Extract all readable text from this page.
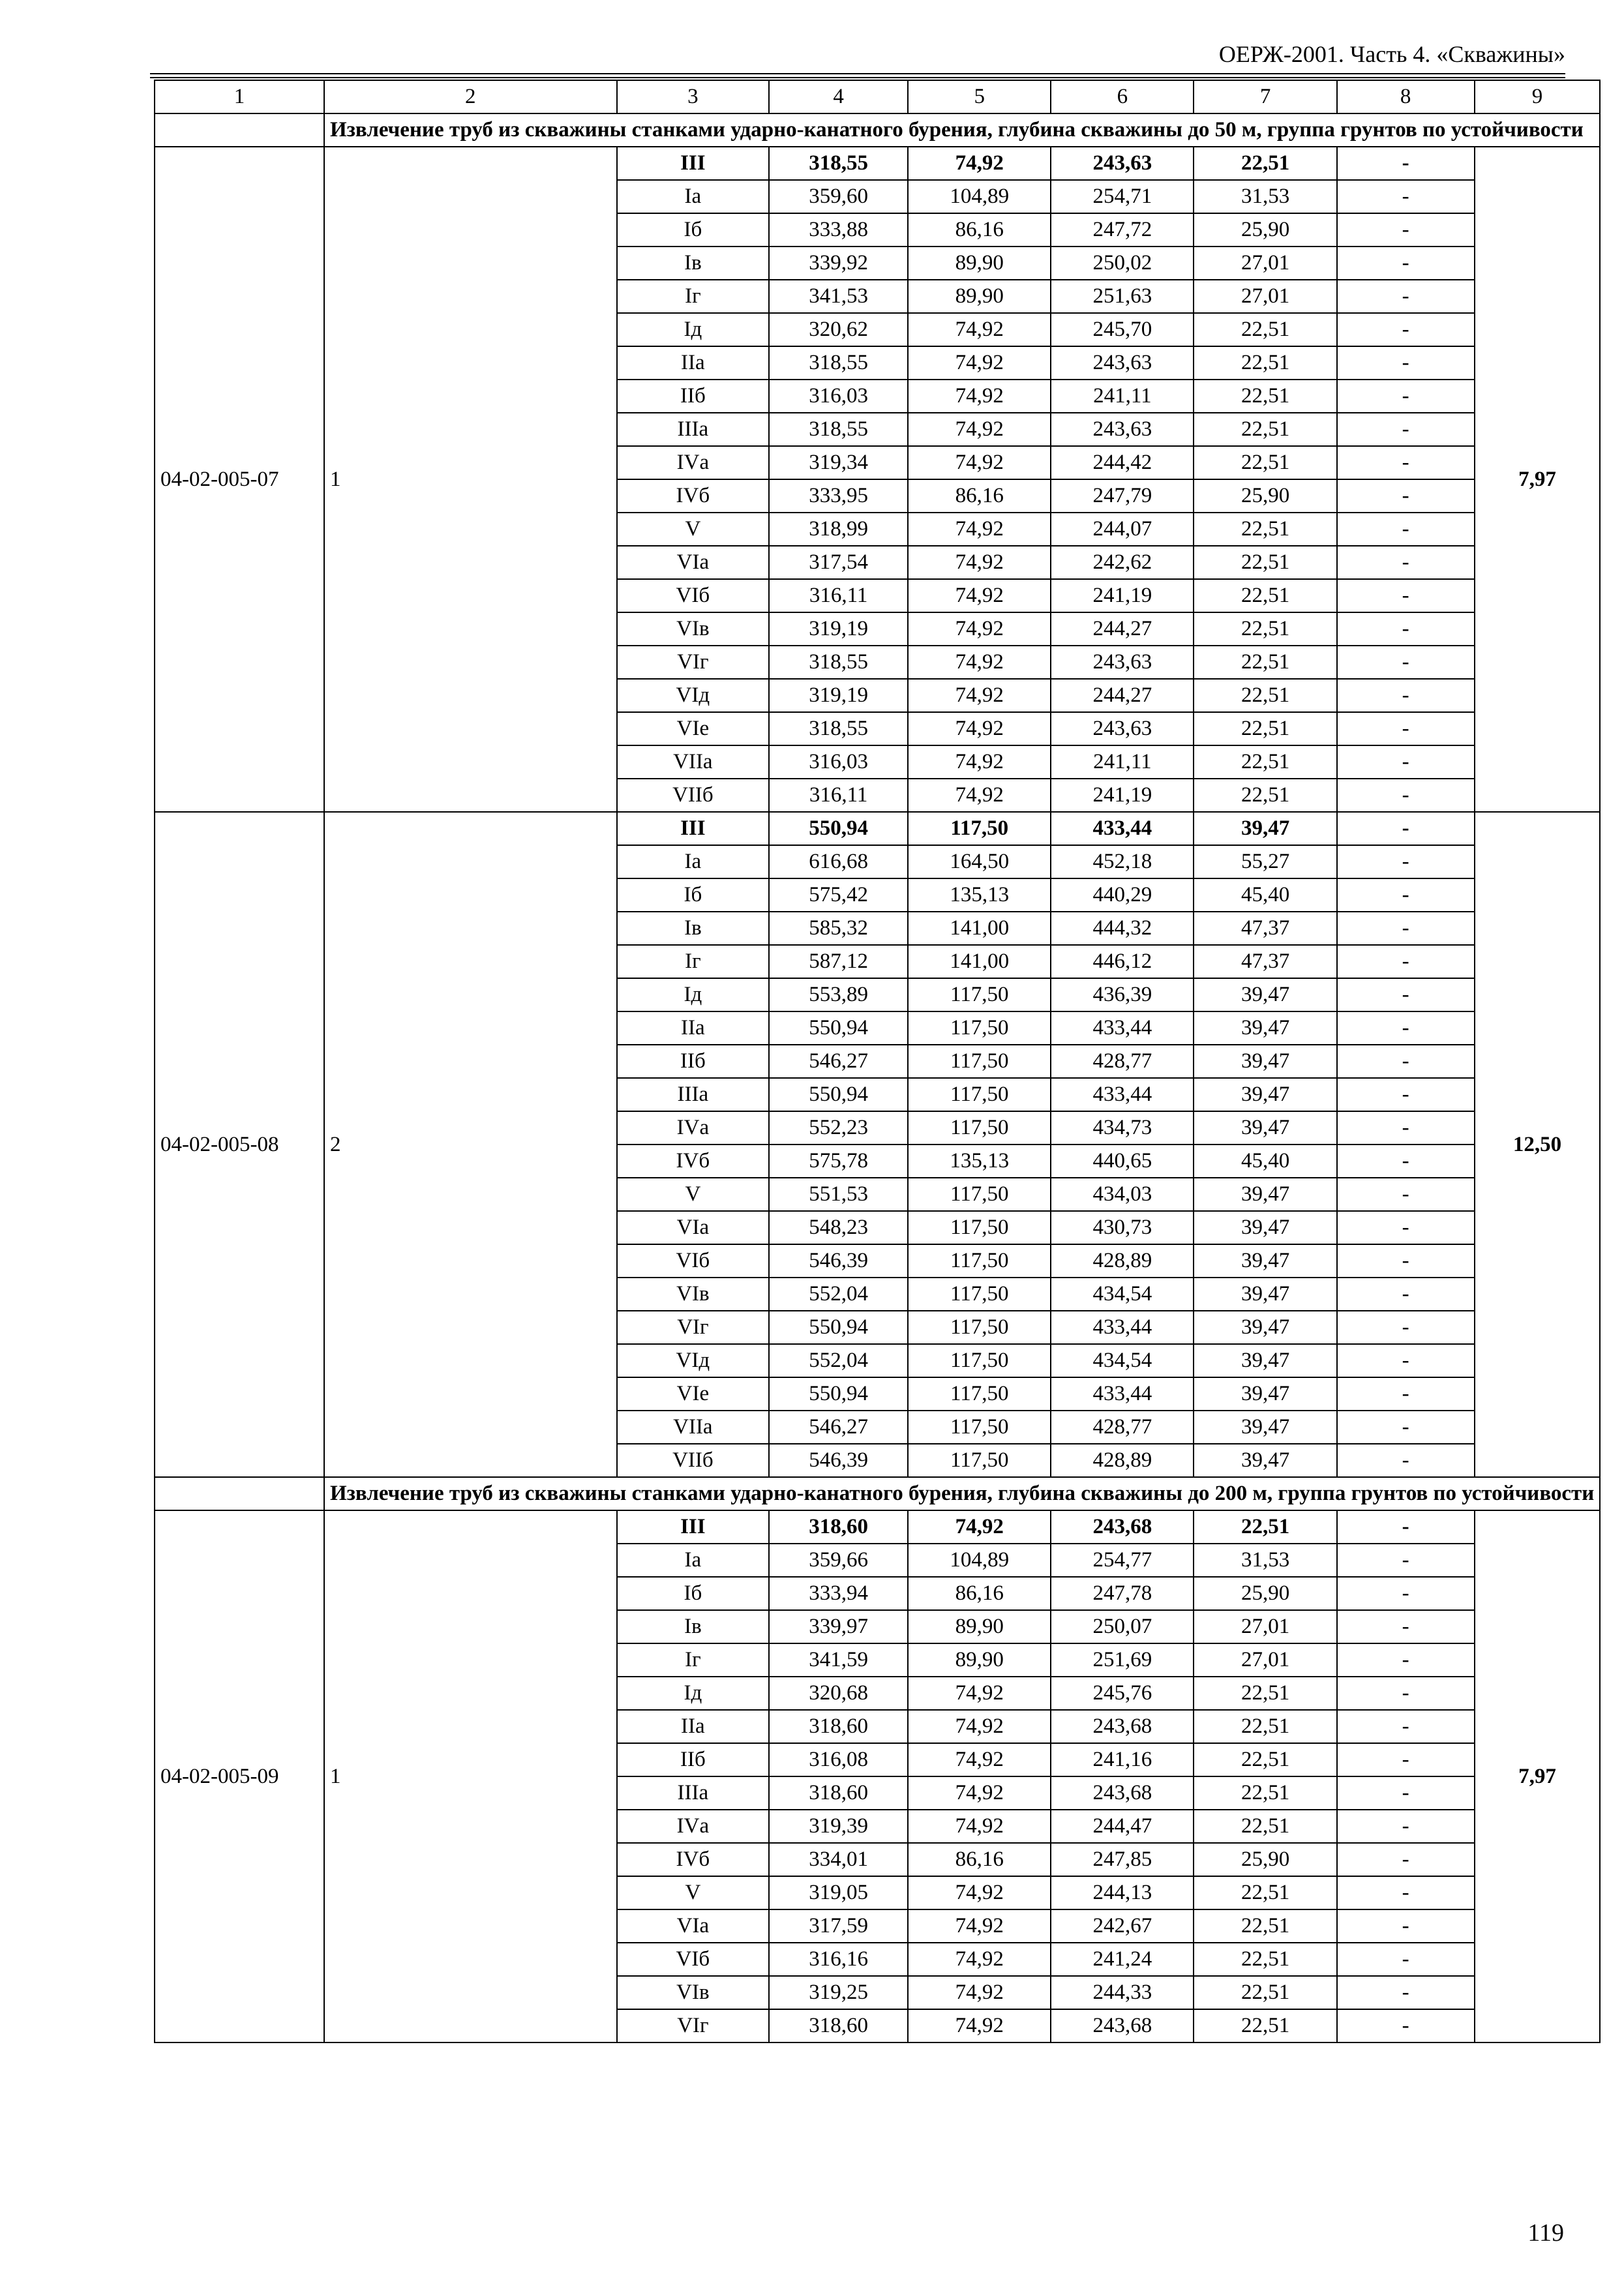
ОЕРЖ-2001. Часть 4. «Скважины»
1	2	3	4	5	6	7	8	9
	Извлечение труб из скважины станками ударно-канатного бурения, глубина скважины до 50 м, группа грунтов по устойчивости							
04-02-005-07	1	III	318,55	74,92	243,63	22,51	-	7,97
		Iа	359,60	104,89	254,71	31,53	-	
		Iб	333,88	86,16	247,72	25,90	-	
		Iв	339,92	89,90	250,02	27,01	-	
		Iг	341,53	89,90	251,63	27,01	-	
		Iд	320,62	74,92	245,70	22,51	-	
		IIа	318,55	74,92	243,63	22,51	-	
		IIб	316,03	74,92	241,11	22,51	-	
		IIIа	318,55	74,92	243,63	22,51	-	
		IVа	319,34	74,92	244,42	22,51	-	
		IVб	333,95	86,16	247,79	25,90	-	
		V	318,99	74,92	244,07	22,51	-	
		VIа	317,54	74,92	242,62	22,51	-	
		VIб	316,11	74,92	241,19	22,51	-	
		VIв	319,19	74,92	244,27	22,51	-	
		VIг	318,55	74,92	243,63	22,51	-	
		VIд	319,19	74,92	244,27	22,51	-	
		VIе	318,55	74,92	243,63	22,51	-	
		VIIа	316,03	74,92	241,11	22,51	-	
		VIIб	316,11	74,92	241,19	22,51	-	
04-02-005-08	2	III	550,94	117,50	433,44	39,47	-	12,50
		Iа	616,68	164,50	452,18	55,27	-	
		Iб	575,42	135,13	440,29	45,40	-	
		Iв	585,32	141,00	444,32	47,37	-	
		Iг	587,12	141,00	446,12	47,37	-	
		Iд	553,89	117,50	436,39	39,47	-	
		IIа	550,94	117,50	433,44	39,47	-	
		IIб	546,27	117,50	428,77	39,47	-	
		IIIа	550,94	117,50	433,44	39,47	-	
		IVа	552,23	117,50	434,73	39,47	-	
		IVб	575,78	135,13	440,65	45,40	-	
		V	551,53	117,50	434,03	39,47	-	
		VIа	548,23	117,50	430,73	39,47	-	
		VIб	546,39	117,50	428,89	39,47	-	
		VIв	552,04	117,50	434,54	39,47	-	
		VIг	550,94	117,50	433,44	39,47	-	
		VIд	552,04	117,50	434,54	39,47	-	
		VIе	550,94	117,50	433,44	39,47	-	
		VIIа	546,27	117,50	428,77	39,47	-	
		VIIб	546,39	117,50	428,89	39,47	-	
	Извлечение труб из скважины станками ударно-канатного бурения, глубина скважины до 200 м, группа грунтов по устойчивости							
04-02-005-09	1	III	318,60	74,92	243,68	22,51	-	7,97
		Iа	359,66	104,89	254,77	31,53	-	
		Iб	333,94	86,16	247,78	25,90	-	
		Iв	339,97	89,90	250,07	27,01	-	
		Iг	341,59	89,90	251,69	27,01	-	
		Iд	320,68	74,92	245,76	22,51	-	
		IIа	318,60	74,92	243,68	22,51	-	
		IIб	316,08	74,92	241,16	22,51	-	
		IIIа	318,60	74,92	243,68	22,51	-	
		IVа	319,39	74,92	244,47	22,51	-	
		IVб	334,01	86,16	247,85	25,90	-	
		V	319,05	74,92	244,13	22,51	-	
		VIа	317,59	74,92	242,67	22,51	-	
		VIб	316,16	74,92	241,24	22,51	-	
		VIв	319,25	74,92	244,33	22,51	-	
		VIг	318,60	74,92	243,68	22,51	-	
119
